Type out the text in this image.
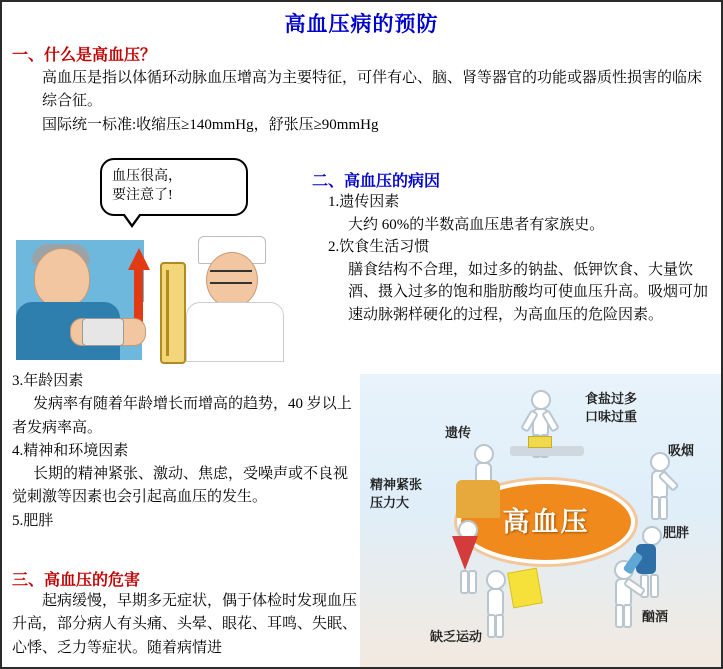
高血压病的预防
一、什么是高血压？
高血压是指以体循环动脉血压增高为主要特征，可伴有心、脑、肾等器官的功能或器质性损害的临床综合征。
国际统一标准:收缩压≥140mmHg，舒张压≥90mmHg
血压很高，
要注意了!
二、高血压的病因
1.遗传因素
大约 60%的半数高血压患者有家族史。
2.饮食生活习惯
膳食结构不合理，如过多的钠盐、低钾饮食、大量饮酒、摄入过多的饱和脂肪酸均可使血压升高。吸烟可加速动脉粥样硬化的过程，为高血压的危险因素。
3.年龄因素
发病率有随着年龄增长而增高的趋势，40 岁以上者发病率高。
4.精神和环境因素
长期的精神紧张、激动、焦虑，受噪声或不良视觉刺激等因素也会引起高血压的发生。
5.肥胖
三、高血压的危害
起病缓慢，早期多无症状，偶于体检时发现血压升高，部分病人有头痛、头晕、眼花、耳鸣、失眠、心悸、乏力等症状。随着病情进
高血压
食盐过多
口味过重
遗传
吸烟
精神紧张
压力大
肥胖
酗酒
缺乏运动
